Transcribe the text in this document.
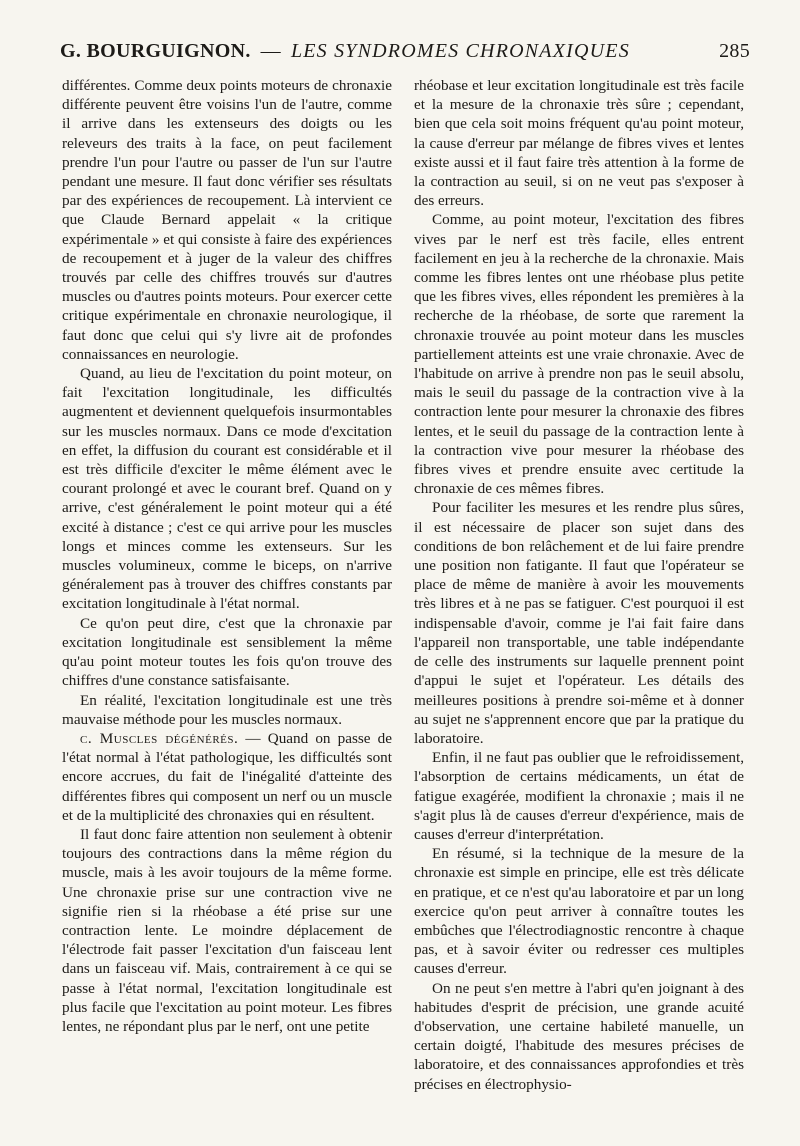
G. BOURGUIGNON. — LES SYNDROMES CHRONAXIQUES	285

différentes. Comme deux points moteurs de chronaxie différente peuvent être voisins l'un de l'autre, comme il arrive dans les extenseurs des doigts ou les releveurs des traits à la face, on peut facilement prendre l'un pour l'autre ou passer de l'un sur l'autre pendant une mesure. Il faut donc vérifier ses résultats par des expériences de recoupement. Là intervient ce que Claude Bernard appelait « la critique expérimentale » et qui consiste à faire des expériences de recoupement et à juger de la valeur des chiffres trouvés par celle des chiffres trouvés sur d'autres muscles ou d'autres points moteurs. Pour exercer cette critique expérimentale en chronaxie neurologique, il faut donc que celui qui s'y livre ait de profondes connaissances en neurologie.

Quand, au lieu de l'excitation du point moteur, on fait l'excitation longitudinale, les difficultés augmentent et deviennent quelquefois insurmontables sur les muscles normaux. Dans ce mode d'excitation en effet, la diffusion du courant est considérable et il est très difficile d'exciter le même élément avec le courant prolongé et avec le courant bref. Quand on y arrive, c'est généralement le point moteur qui a été excité à distance ; c'est ce qui arrive pour les muscles longs et minces comme les extenseurs. Sur les muscles volumineux, comme le biceps, on n'arrive généralement pas à trouver des chiffres constants par excitation longitudinale à l'état normal.

Ce qu'on peut dire, c'est que la chronaxie par excitation longitudinale est sensiblement la même qu'au point moteur toutes les fois qu'on trouve des chiffres d'une constance satisfaisante.

En réalité, l'excitation longitudinale est une très mauvaise méthode pour les muscles normaux.

c. Muscles dégénérés. — Quand on passe de l'état normal à l'état pathologique, les difficultés sont encore accrues, du fait de l'inégalité d'atteinte des différentes fibres qui composent un nerf ou un muscle et de la multiplicité des chronaxies qui en résultent.

Il faut donc faire attention non seulement à obtenir toujours des contractions dans la même région du muscle, mais à les avoir toujours de la même forme. Une chronaxie prise sur une contraction vive ne signifie rien si la rhéobase a été prise sur une contraction lente. Le moindre déplacement de l'électrode fait passer l'excitation d'un faisceau lent dans un faisceau vif. Mais, contrairement à ce qui se passe à l'état normal, l'excitation longitudinale est plus facile que l'excitation au point moteur. Les fibres lentes, ne répondant plus par le nerf, ont une petite

rhéobase et leur excitation longitudinale est très facile et la mesure de la chronaxie très sûre ; cependant, bien que cela soit moins fréquent qu'au point moteur, la cause d'erreur par mélange de fibres vives et lentes existe aussi et il faut faire très attention à la forme de la contraction au seuil, si on ne veut pas s'exposer à des erreurs.

Comme, au point moteur, l'excitation des fibres vives par le nerf est très facile, elles entrent facilement en jeu à la recherche de la chronaxie. Mais comme les fibres lentes ont une rhéobase plus petite que les fibres vives, elles répondent les premières à la recherche de la rhéobase, de sorte que rarement la chronaxie trouvée au point moteur dans les muscles partiellement atteints est une vraie chronaxie. Avec de l'habitude on arrive à prendre non pas le seuil absolu, mais le seuil du passage de la contraction vive à la contraction lente pour mesurer la chronaxie des fibres lentes, et le seuil du passage de la contraction lente à la contraction vive pour mesurer la rhéobase des fibres vives et prendre ensuite avec certitude la chronaxie de ces mêmes fibres.

Pour faciliter les mesures et les rendre plus sûres, il est nécessaire de placer son sujet dans des conditions de bon relâchement et de lui faire prendre une position non fatigante. Il faut que l'opérateur se place de même de manière à avoir les mouvements très libres et à ne pas se fatiguer. C'est pourquoi il est indispensable d'avoir, comme je l'ai fait faire dans l'appareil non transportable, une table indépendante de celle des instruments sur laquelle prennent point d'appui le sujet et l'opérateur. Les détails des meilleures positions à prendre soi-même et à donner au sujet ne s'apprennent encore que par la pratique du laboratoire.

Enfin, il ne faut pas oublier que le refroidissement, l'absorption de certains médicaments, un état de fatigue exagérée, modifient la chronaxie ; mais il ne s'agit plus là de causes d'erreur d'expérience, mais de causes d'erreur d'interprétation.

En résumé, si la technique de la mesure de la chronaxie est simple en principe, elle est très délicate en pratique, et ce n'est qu'au laboratoire et par un long exercice qu'on peut arriver à connaître toutes les embûches que l'électrodiagnostic rencontre à chaque pas, et à savoir éviter ou redresser ces multiples causes d'erreur.

On ne peut s'en mettre à l'abri qu'en joignant à des habitudes d'esprit de précision, une grande acuité d'observation, une certaine habileté manuelle, un certain doigté, l'habitude des mesures précises de laboratoire, et des connaissances approfondies et très précises en électrophysio-
